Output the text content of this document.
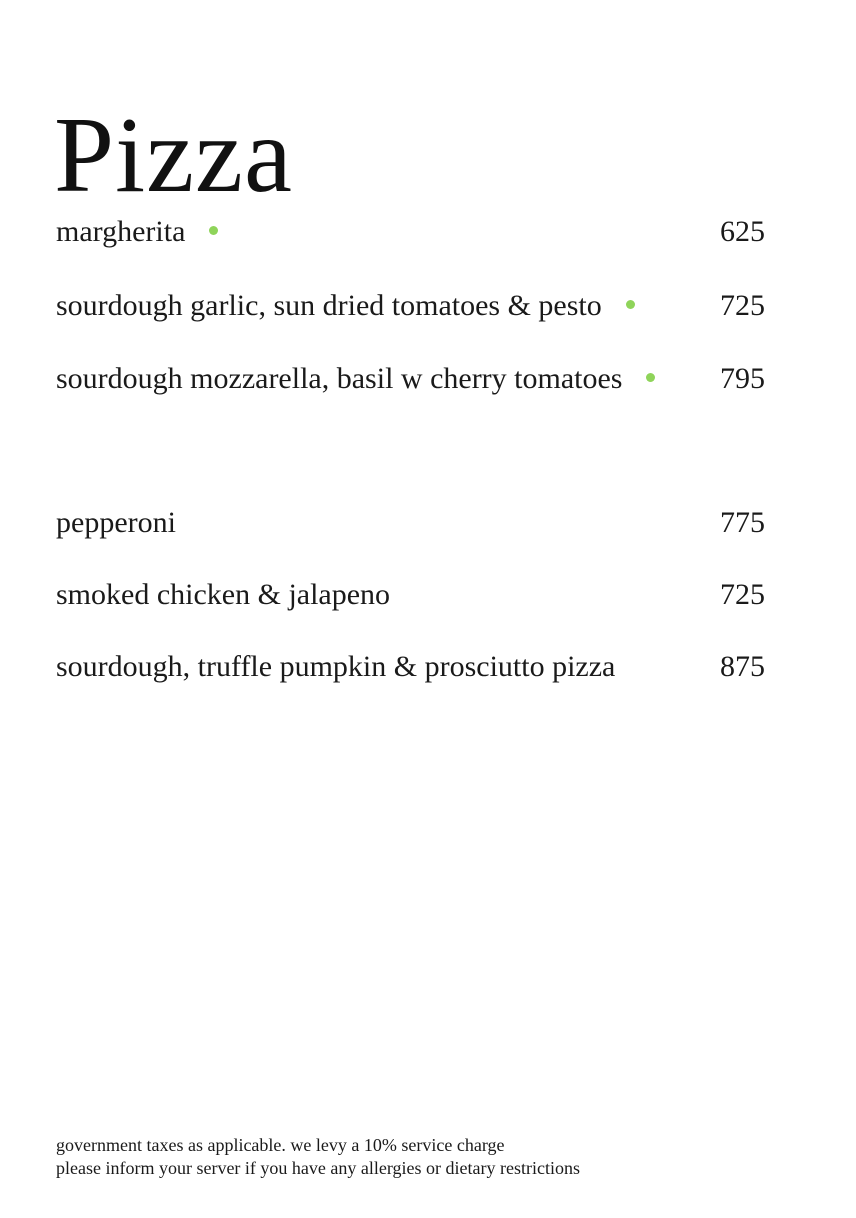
Pizza
margherita	625
sourdough garlic, sun dried tomatoes & pesto	725
sourdough mozzarella, basil w cherry tomatoes	795
pepperoni	775
smoked chicken & jalapeno	725
sourdough, truffle pumpkin & prosciutto pizza	875
government taxes as applicable. we levy a 10% service charge
please inform your server if you have any allergies or dietary restrictions
